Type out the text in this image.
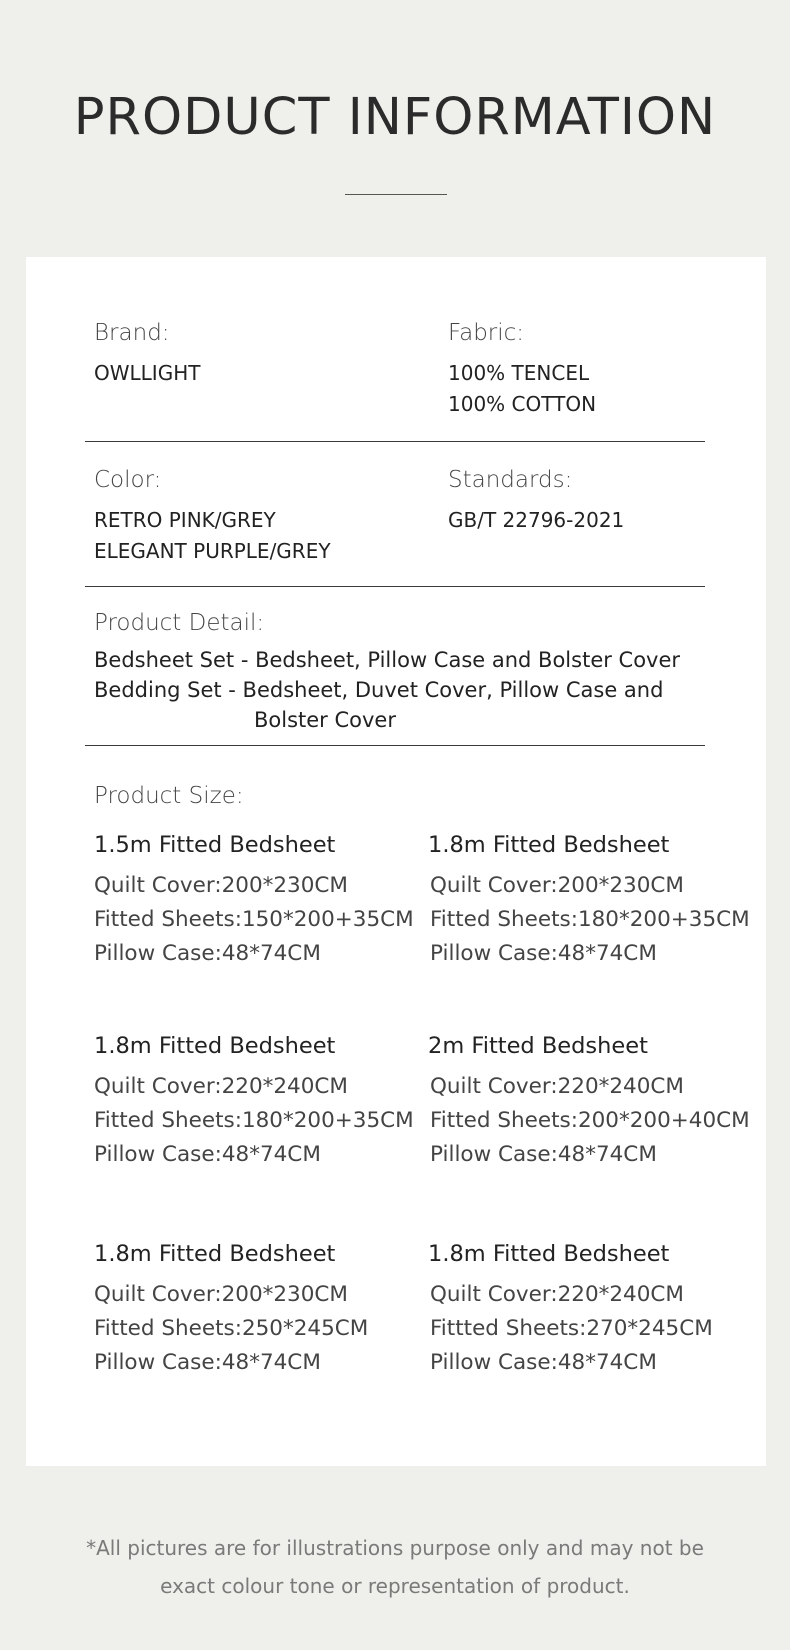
PRODUCT INFORMATION
Brand:
OWLLIGHT
Fabric:
100% TENCEL
100% COTTON
Color:
RETRO PINK/GREY
ELEGANT PURPLE/GREY
Standards:
GB/T 22796-2021
Product Detail:
Bedsheet Set - Bedsheet, Pillow Case and Bolster Cover
Bedding Set - Bedsheet, Duvet Cover, Pillow Case and
Bolster Cover
Product Size:
1.5m Fitted Bedsheet
Quilt Cover:200*230CM
Fitted Sheets:150*200+35CM
Pillow Case:48*74CM
1.8m Fitted Bedsheet
Quilt Cover:200*230CM
Fitted Sheets:180*200+35CM
Pillow Case:48*74CM
1.8m Fitted Bedsheet
Quilt Cover:220*240CM
Fitted Sheets:180*200+35CM
Pillow Case:48*74CM
2m Fitted Bedsheet
Quilt Cover:220*240CM
Fitted Sheets:200*200+40CM
Pillow Case:48*74CM
1.8m Fitted Bedsheet
Quilt Cover:200*230CM
Fitted Sheets:250*245CM
Pillow Case:48*74CM
1.8m Fitted Bedsheet
Quilt Cover:220*240CM
Fittted Sheets:270*245CM
Pillow Case:48*74CM
*All pictures are for illustrations purpose only and may not be
exact colour tone or representation of product.
